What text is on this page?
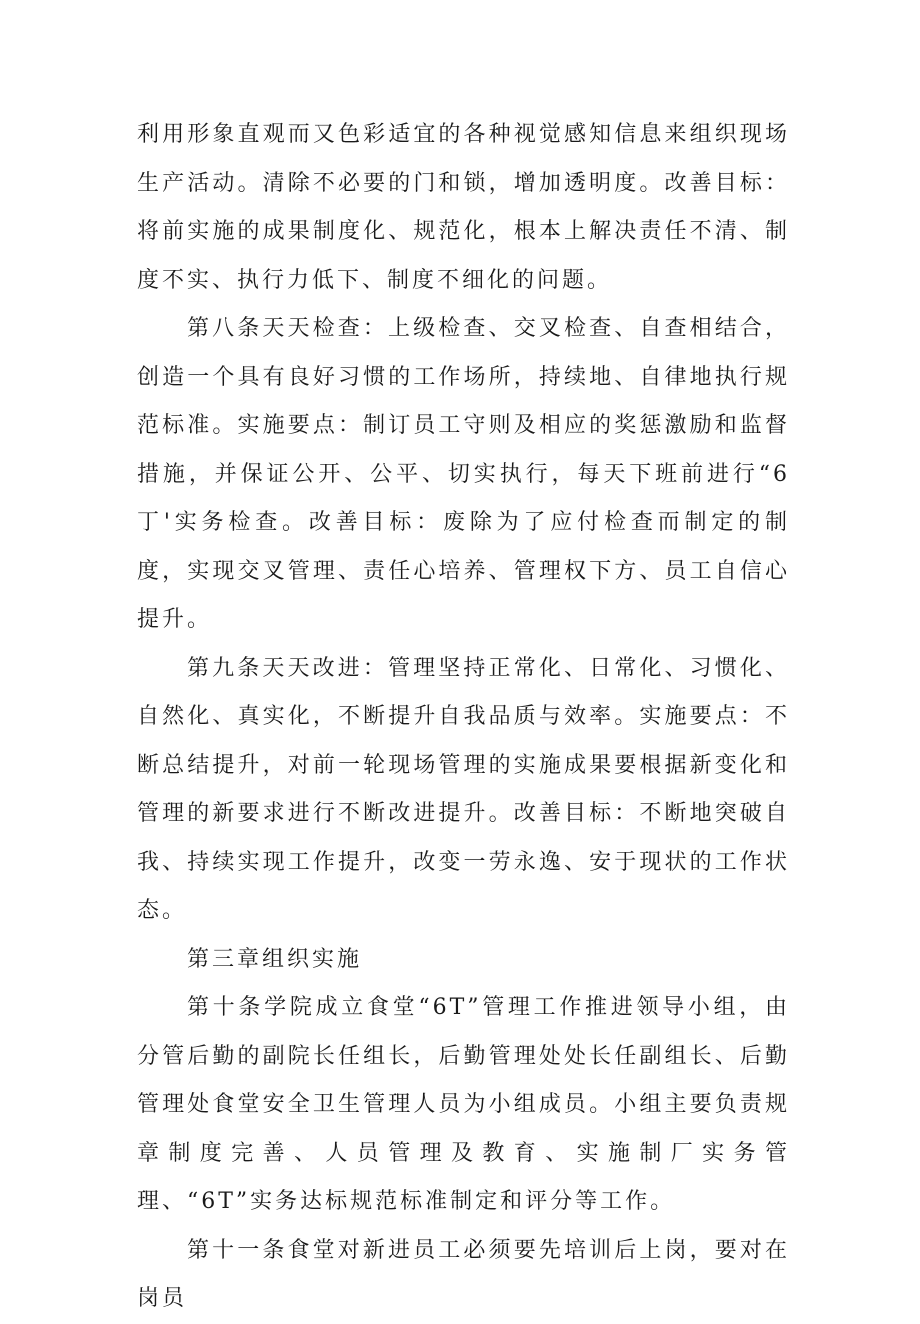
利用形象直观而又色彩适宜的各种视觉感知信息来组织现场生产活动。清除不必要的门和锁，增加透明度。改善目标：将前实施的成果制度化、规范化，根本上解决责任不清、制度不实、执行力低下、制度不细化的问题。

第八条天天检查：上级检查、交叉检查、自查相结合，创造一个具有良好习惯的工作场所，持续地、自律地执行规范标准。实施要点：制订员工守则及相应的奖惩激励和监督措施，并保证公开、公平、切实执行，每天下班前进行“6丁'实务检查。改善目标：废除为了应付检查而制定的制度，实现交叉管理、责任心培养、管理权下方、员工自信心提升。

第九条天天改进：管理坚持正常化、日常化、习惯化、自然化、真实化，不断提升自我品质与效率。实施要点：不断总结提升，对前一轮现场管理的实施成果要根据新变化和管理的新要求进行不断改进提升。改善目标：不断地突破自我、持续实现工作提升，改变一劳永逸、安于现状的工作状态。

第三章组织实施

第十条学院成立食堂“6T”管理工作推进领导小组，由分管后勤的副院长任组长，后勤管理处处长任副组长、后勤管理处食堂安全卫生管理人员为小组成员。小组主要负责规章制度完善、人员管理及教育、实施制厂实务管理、“6T”实务达标规范标准制定和评分等工作。

第十一条食堂对新进员工必须要先培训后上岗，要对在岗员
